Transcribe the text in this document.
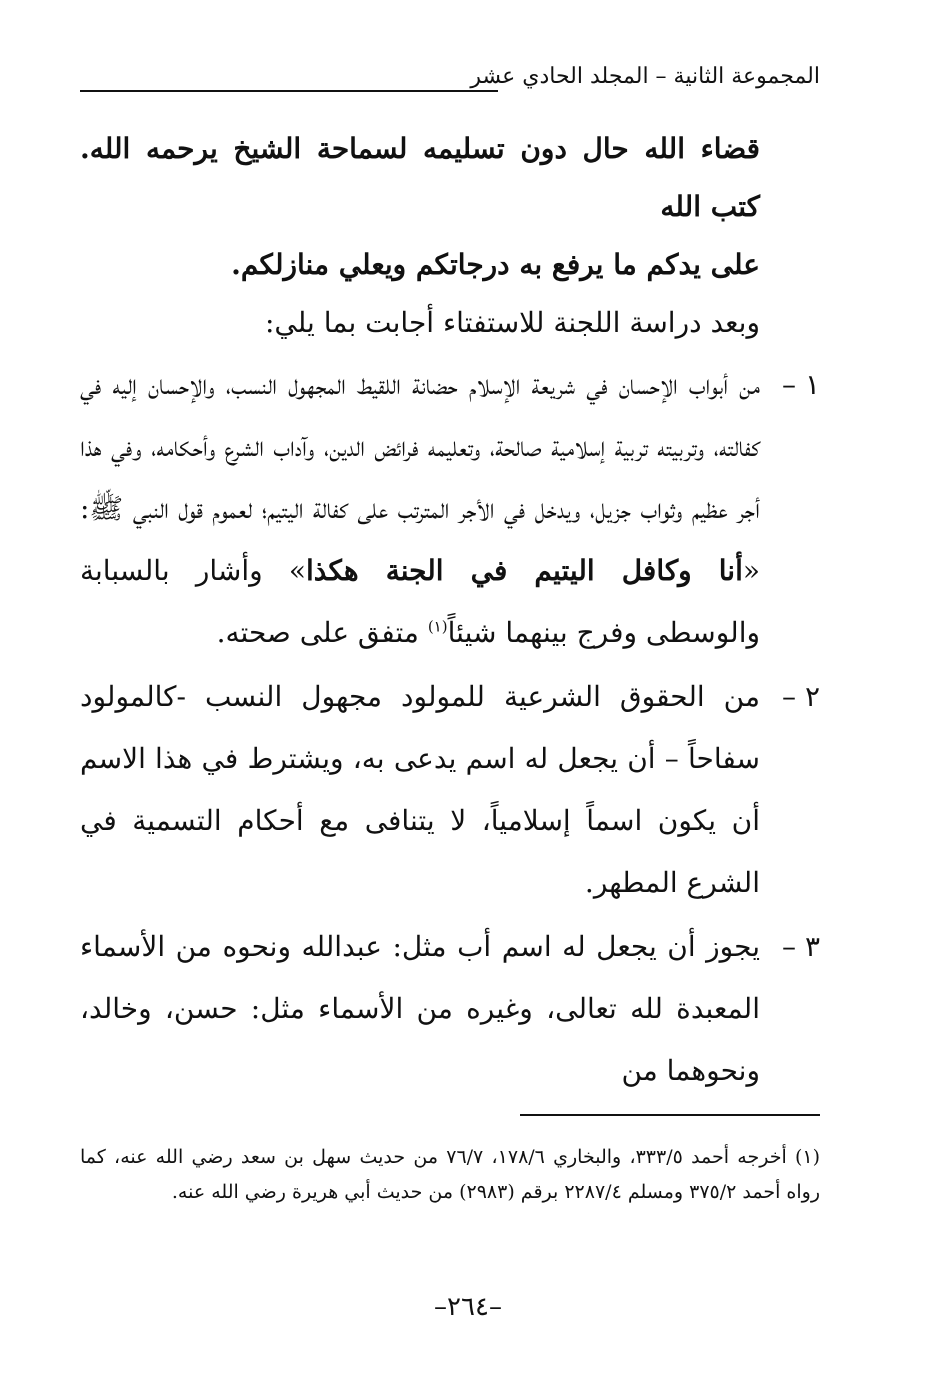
المجموعة الثانية – المجلد الحادي عشر
قضاء الله حال دون تسليمه لسماحة الشيخ يرحمه الله. كتب الله
على يدكم ما يرفع به درجاتكم ويعلي منازلكم.
وبعد دراسة اللجنة للاستفتاء أجابت بما يلي:
١ –
من أبواب الإحسان في شريعة الإسلام حضانة اللقيط المجهول النسب، والإحسان إليه في كفالته، وتربيته تربية إسلامية صالحة، وتعليمه فرائض الدين، وآداب الشرع وأحكامه، وفي هذا أجر عظيم وثواب جزيل، ويدخل في الأجر المترتب على كفالة اليتيم؛ لعموم قول النبي ﷺ: «أنا وكافل اليتيم في الجنة هكذا» وأشار بالسبابة والوسطى وفرج بينهما شيئاً$^{(١)}$ متفق على صحته.
٢ –
من الحقوق الشرعية للمولود مجهول النسب -كالمولود سفاحاً – أن يجعل له اسم يدعى به، ويشترط في هذا الاسم أن يكون اسماً إسلامياً، لا يتنافى مع أحكام التسمية في الشرع المطهر.
٣ –
يجوز أن يجعل له اسم أب مثل: عبدالله ونحوه من الأسماء المعبدة لله تعالى، وغيره من الأسماء مثل: حسن، وخالد، ونحوهما من
(١) أخرجه أحمد ٣٣٣/٥، والبخاري ١٧٨/٦، ٧٦/٧ من حديث سهل بن سعد رضي الله عنه، كما رواه أحمد ٣٧٥/٢ ومسلم ٢٢٨٧/٤ برقم (٢٩٨٣) من حديث أبي هريرة رضي الله عنه.
–٢٦٤–
